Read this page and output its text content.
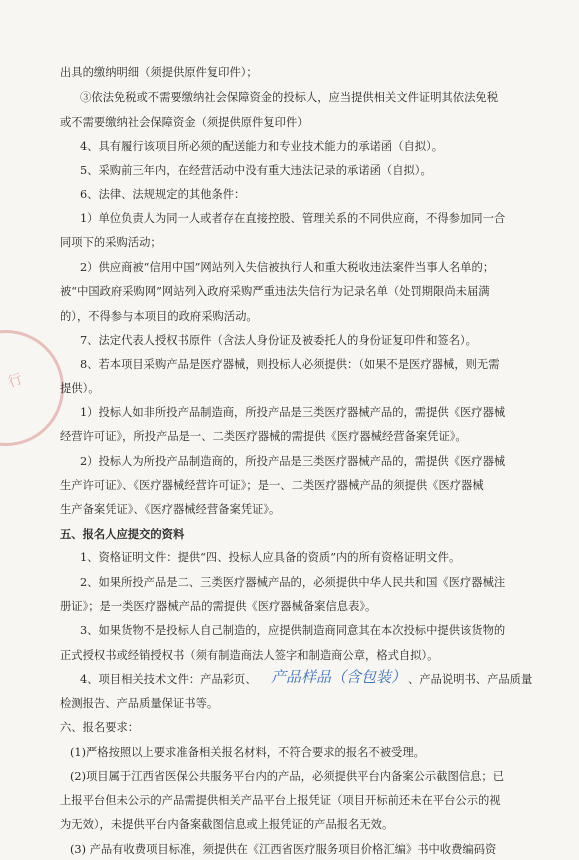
行
出具的缴纳明细（须提供原件复印件）；
③依法免税或不需要缴纳社会保障资金的投标人，应当提供相关文件证明其依法免税
或不需要缴纳社会保障资金（须提供原件复印件）
4、具有履行该项目所必须的配送能力和专业技术能力的承诺函（自拟）。
5、采购前三年内，在经营活动中没有重大违法记录的承诺函（自拟）。
6、法律、法规规定的其他条件：
1）单位负责人为同一人或者存在直接控股、管理关系的不同供应商，不得参加同一合
同项下的采购活动；
2）供应商被“信用中国”网站列入失信被执行人和重大税收违法案件当事人名单的；
被“中国政府采购网”网站列入政府采购严重违法失信行为记录名单（处罚期限尚未届满
的），不得参与本项目的政府采购活动。
7、法定代表人授权书原件（含法人身份证及被委托人的身份证复印件和签名）。
8、若本项目采购产品是医疗器械，则投标人必须提供：（如果不是医疗器械，则无需
提供）。
1）投标人如非所投产品制造商，所投产品是三类医疗器械产品的，需提供《医疗器械
经营许可证》，所投产品是一、二类医疗器械的需提供《医疗器械经营备案凭证》。
2）投标人为所投产品制造商的，所投产品是三类医疗器械产品的，需提供《医疗器械
生产许可证》、《医疗器械经营许可证》；是一、二类医疗器械产品的须提供《医疗器械
生产备案凭证》、《医疗器械经营备案凭证》。
五、报名人应提交的资料
1、资格证明文件：提供“四、投标人应具备的资质”内的所有资格证明文件。
2、如果所投产品是二、三类医疗器械产品的，必须提供中华人民共和国《医疗器械注
册证》；是一类医疗器械产品的需提供《医疗器械备案信息表》。
3、如果货物不是投标人自己制造的，应提供制造商同意其在本次投标中提供该货物的
正式授权书或经销授权书（须有制造商法人签字和制造商公章，格式自拟）。
4、项目相关技术文件：产品彩页、 产品样品（含包装） 、产品说明书、产品质量
检测报告、产品质量保证书等。
六、报名要求：
(1)严格按照以上要求准备相关报名材料，不符合要求的报名不被受理。
(2)项目属于江西省医保公共服务平台内的产品，必须提供平台内备案公示截图信息；已
上报平台但未公示的产品需提供相关产品平台上报凭证（项目开标前还未在平台公示的视
为无效），未提供平台内备案截图信息或上报凭证的产品报名无效。
(3) 产品有收费项目标准，须提供在《江西省医疗服务项目价格汇编》书中收费编码资
